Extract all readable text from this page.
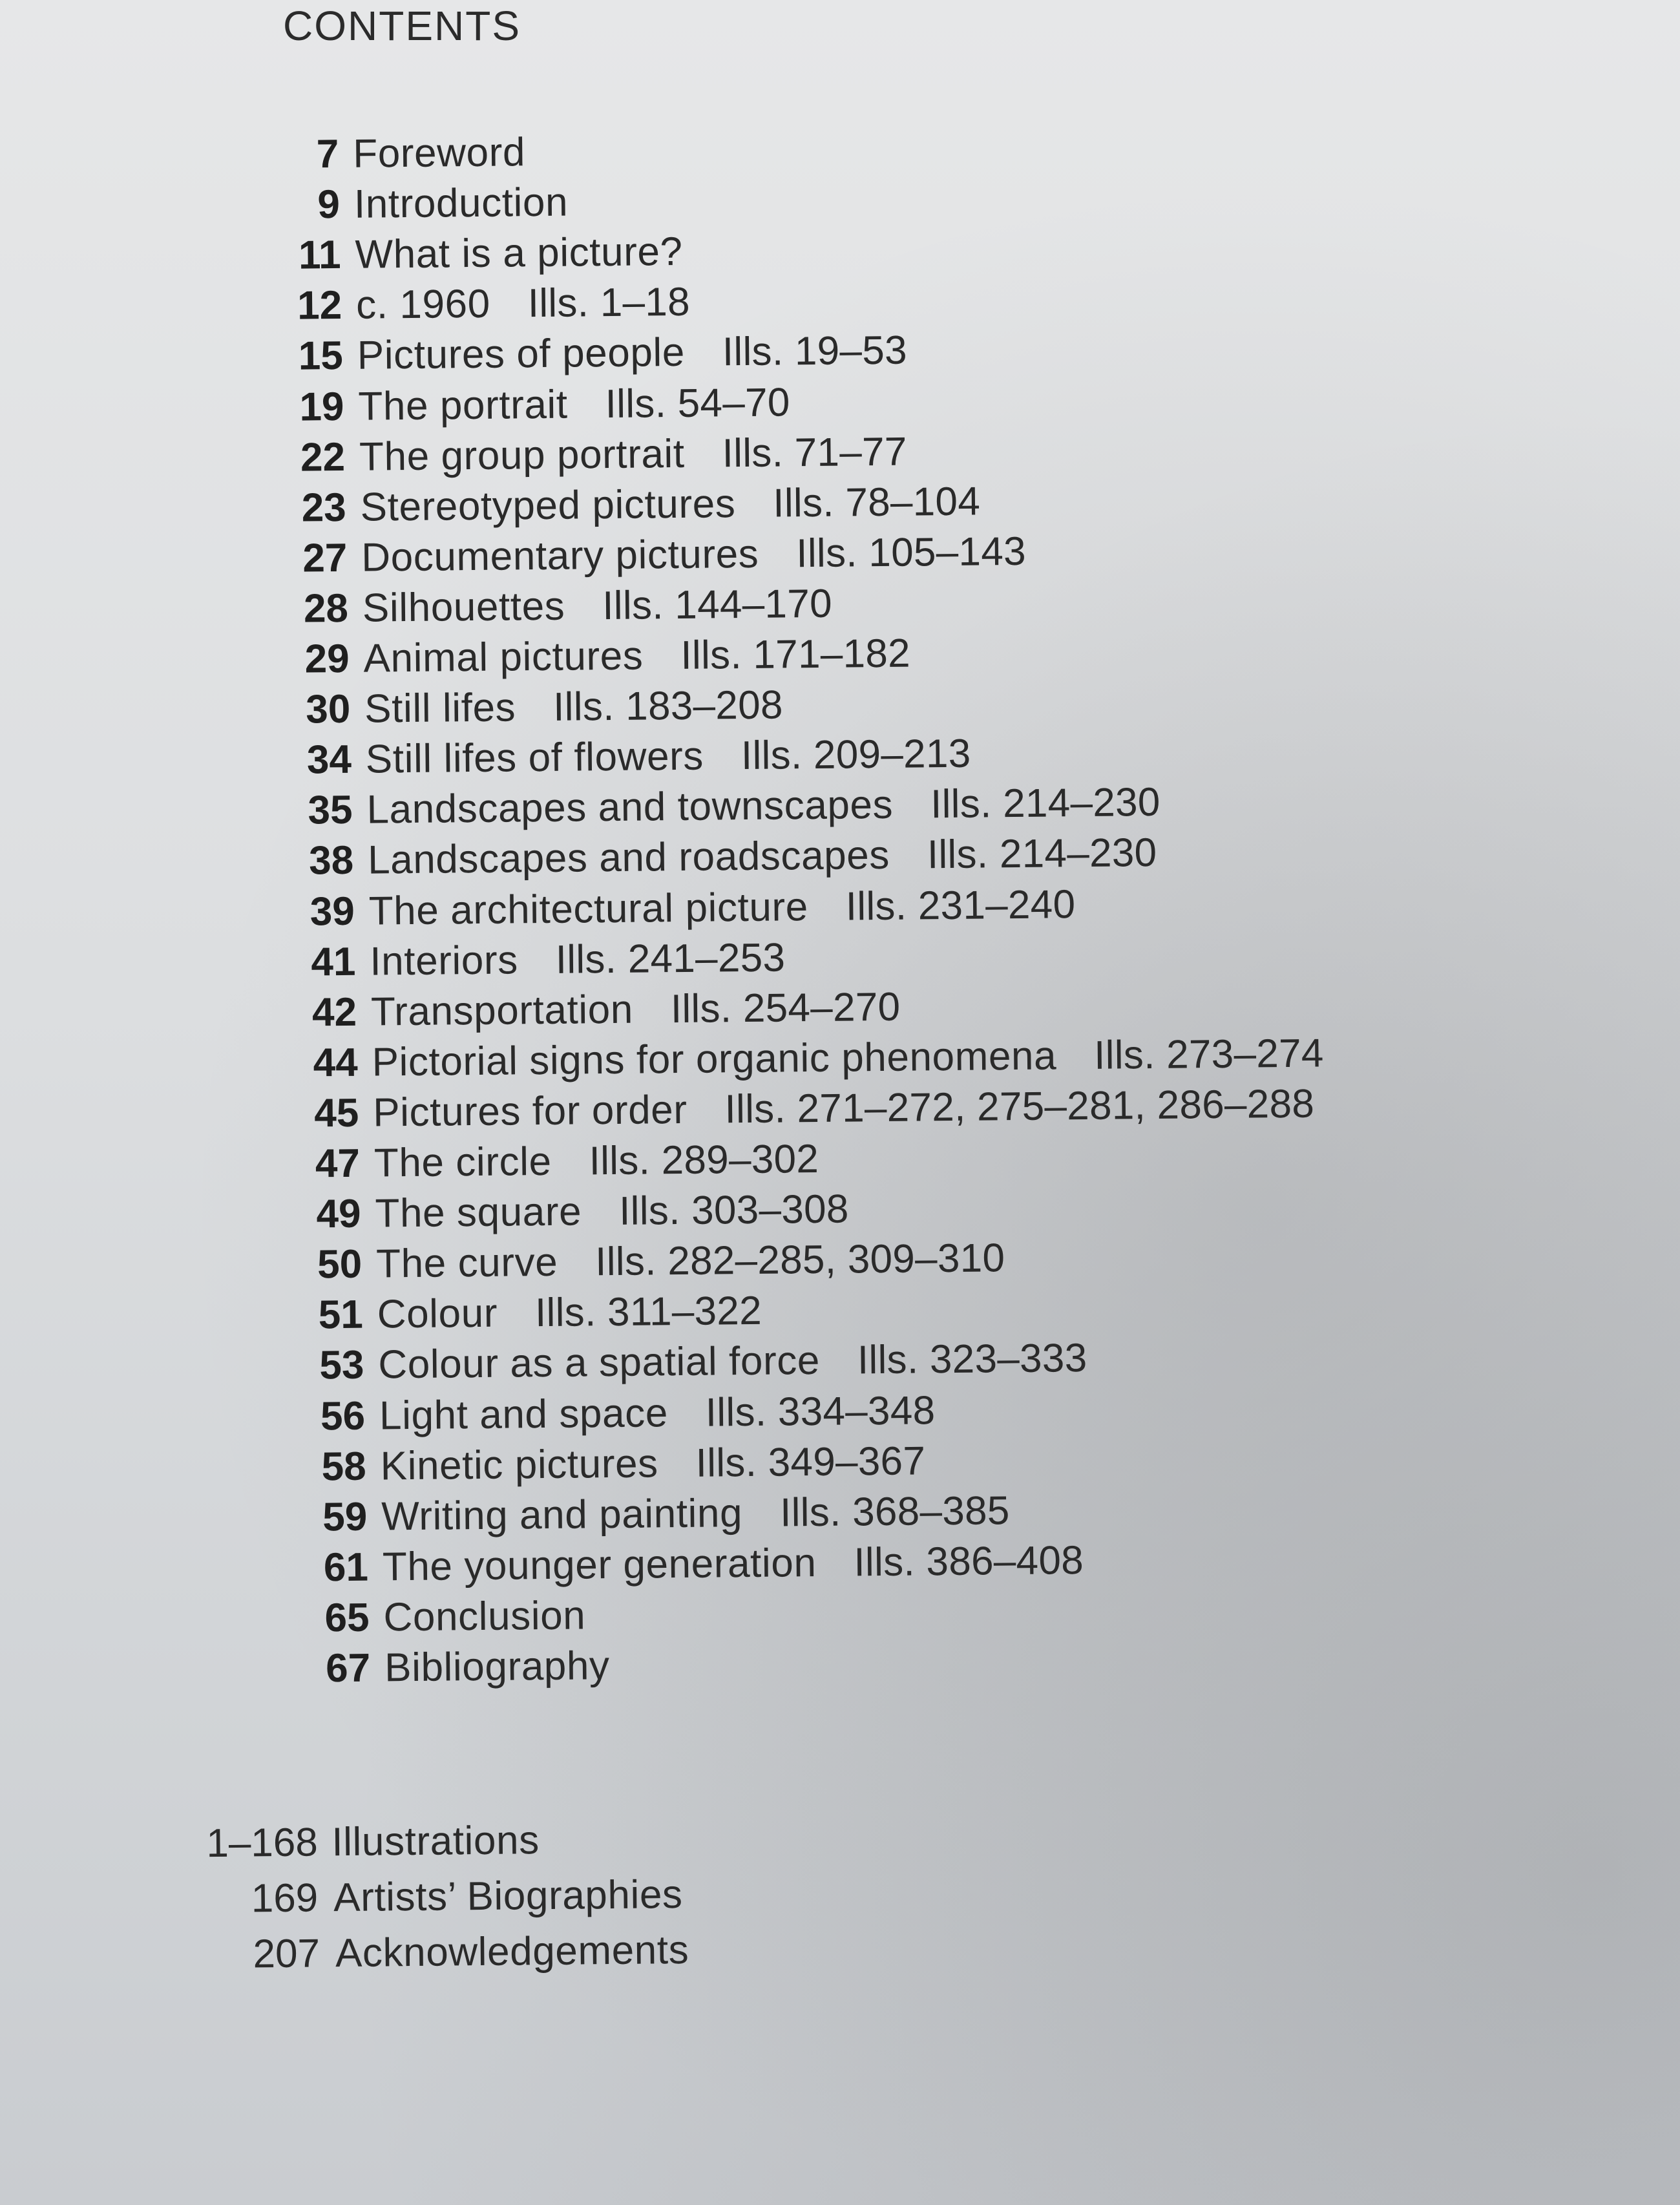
CONTENTS
7 Foreword
9 Introduction
11 What is a picture?
12 c. 1960 Ills. 1–18
15 Pictures of people Ills. 19–53
19 The portrait Ills. 54–70
22 The group portrait Ills. 71–77
23 Stereotyped pictures Ills. 78–104
27 Documentary pictures Ills. 105–143
28 Silhouettes Ills. 144–170
29 Animal pictures Ills. 171–182
30 Still lifes Ills. 183–208
34 Still lifes of flowers Ills. 209–213
35 Landscapes and townscapes Ills. 214–230
38 Landscapes and roadscapes Ills. 214–230
39 The architectural picture Ills. 231–240
41 Interiors Ills. 241–253
42 Transportation Ills. 254–270
44 Pictorial signs for organic phenomena Ills. 273–274
45 Pictures for order Ills. 271–272, 275–281, 286–288
47 The circle Ills. 289–302
49 The square Ills. 303–308
50 The curve Ills. 282–285, 309–310
51 Colour Ills. 311–322
53 Colour as a spatial force Ills. 323–333
56 Light and space Ills. 334–348
58 Kinetic pictures Ills. 349–367
59 Writing and painting Ills. 368–385
61 The younger generation Ills. 386–408
65 Conclusion
67 Bibliography
1–168 Illustrations
169 Artists’ Biographies
207 Acknowledgements
